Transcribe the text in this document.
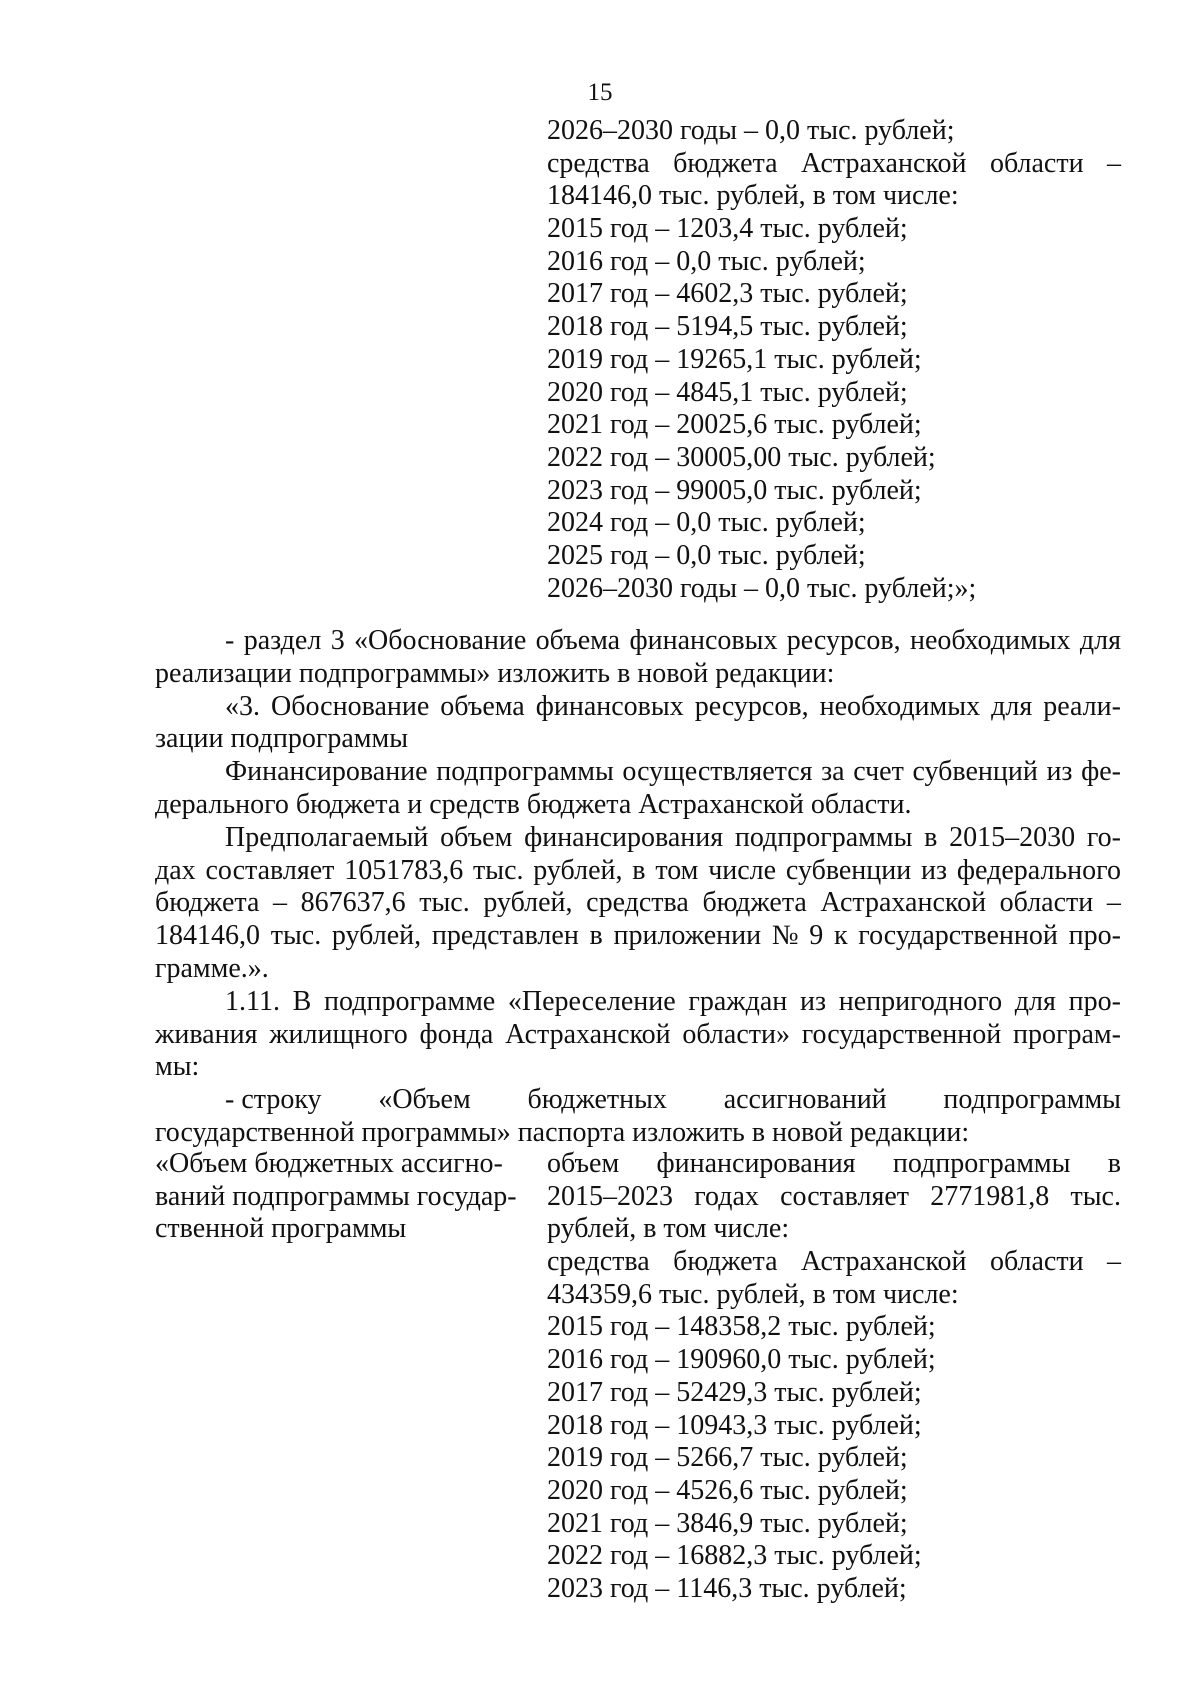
15
2026–2030 годы – 0,0 тыс. рублей;
средства бюджета Астраханской области –
184146,0 тыс. рублей, в том числе:
2015 год – 1203,4 тыс. рублей;
2016 год – 0,0 тыс. рублей;
2017 год – 4602,3 тыс. рублей;
2018 год – 5194,5 тыс. рублей;
2019 год – 19265,1 тыс. рублей;
2020 год – 4845,1 тыс. рублей;
2021 год – 20025,6 тыс. рублей;
2022 год – 30005,00 тыс. рублей;
2023 год – 99005,0 тыс. рублей;
2024 год – 0,0 тыс. рублей;
2025 год – 0,0 тыс. рублей;
2026–2030 годы – 0,0 тыс. рублей;»;
- раздел 3 «Обоснование объема финансовых ресурсов, необходимых для
реализации подпрограммы» изложить в новой редакции:
«3. Обоснование объема финансовых ресурсов, необходимых для реали-
зации подпрограммы
Финансирование подпрограммы осуществляется за счет субвенций из фе-
дерального бюджета и средств бюджета Астраханской области.
Предполагаемый объем финансирования подпрограммы в 2015–2030 го-
дах составляет 1051783,6 тыс. рублей, в том числе субвенции из федерального
бюджета – 867637,6 тыс. рублей, средства бюджета Астраханской области –
184146,0 тыс. рублей, представлен в приложении № 9 к государственной про-
грамме.».
1.11. В подпрограмме «Переселение граждан из непригодного для про-
живания жилищного фонда Астраханской области» государственной програм-
мы:
- строку «Объем бюджетных ассигнований подпрограммы
государственной программы» паспорта изложить в новой редакции:
«Объем бюджетных ассигно-
ваний подпрограммы государ-
ственной программы
объем финансирования подпрограммы в
2015–2023 годах составляет 2771981,8 тыс.
рублей, в том числе:
средства бюджета Астраханской области –
434359,6 тыс. рублей, в том числе:
2015 год – 148358,2 тыс. рублей;
2016 год – 190960,0 тыс. рублей;
2017 год – 52429,3 тыс. рублей;
2018 год – 10943,3 тыс. рублей;
2019 год – 5266,7 тыс. рублей;
2020 год – 4526,6 тыс. рублей;
2021 год – 3846,9 тыс. рублей;
2022 год – 16882,3 тыс. рублей;
2023 год – 1146,3 тыс. рублей;
